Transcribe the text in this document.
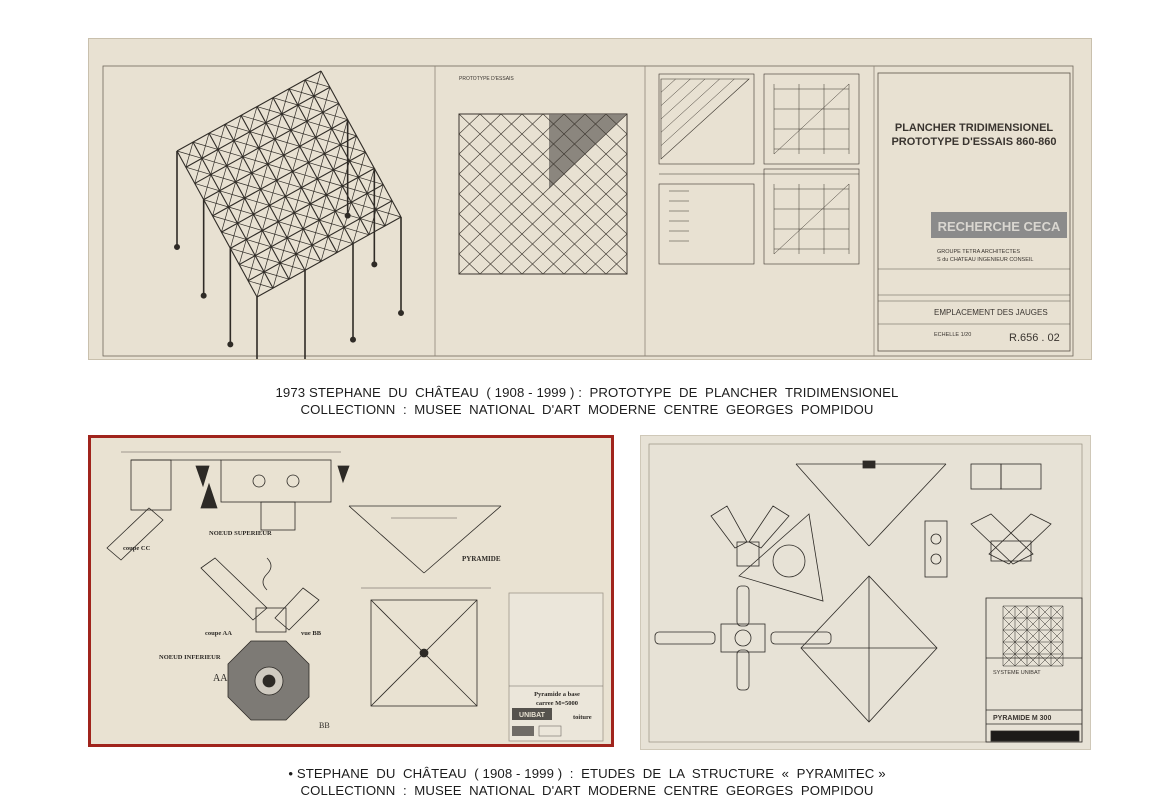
PROTOTYPE D'ESSAIS
PLANCHER TRIDIMENSIONEL
PROTOTYPE D'ESSAIS 860-860
RECHERCHE CECA
GROUPE TETRA ARCHITECTES
S du CHATEAU INGENIEUR CONSEIL
EMPLACEMENT DES JAUGES
ECHELLE 1/20	R.656 . 02
1973 STEPHANE  DU  CHÂTEAU  ( 1908 - 1999 ) :  PROTOTYPE  DE  PLANCHER  TRIDIMENSIONEL
COLLECTIONN  :  MUSEE  NATIONAL  D'ART  MODERNE  CENTRE  GEORGES  POMPIDOU
NOEUD SUPERIEUR
coupe CC
coupe AA	vue BB
NOEUD INFERIEUR
PYRAMIDE
AA
BB
Pyramide a base
carree M=5000
UNIBAT	toiture
SYSTEME UNIBAT
PYRAMIDE M 300
• STEPHANE  DU  CHÂTEAU  ( 1908 - 1999 )  :  ETUDES  DE  LA  STRUCTURE  «  PYRAMITEC »
COLLECTIONN  :  MUSEE  NATIONAL  D'ART  MODERNE  CENTRE  GEORGES  POMPIDOU
